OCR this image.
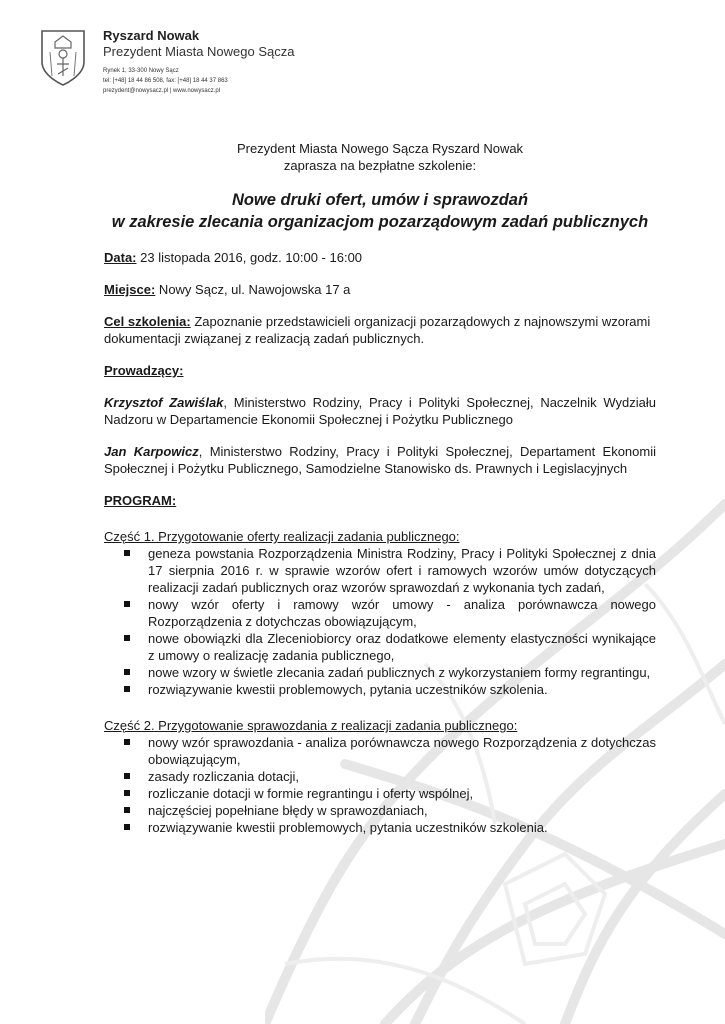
Ryszard Nowak
Prezydent Miasta Nowego Sącza
Rynek 1, 33-300 Nowy Sącz
tel: [+48] 18 44 86 508, fax: [+48] 18 44 37 863
prezydent@nowysacz.pl | www.nowysacz.pl
Prezydent Miasta Nowego Sącza Ryszard Nowak
zaprasza na bezpłatne szkolenie:
Nowe druki ofert, umów i sprawozdań
w zakresie zlecania organizacjom pozarządowym zadań publicznych
Data: 23 listopada 2016, godz. 10:00 - 16:00
Miejsce: Nowy Sącz, ul. Nawojowska 17 a
Cel szkolenia: Zapoznanie przedstawicieli organizacji pozarządowych z najnowszymi wzorami dokumentacji związanej z realizacją zadań publicznych.
Prowadzący:
Krzysztof Zawiślak, Ministerstwo Rodziny, Pracy i Polityki Społecznej, Naczelnik Wydziału Nadzoru w Departamencie Ekonomii Społecznej i Pożytku Publicznego
Jan Karpowicz, Ministerstwo Rodziny, Pracy i Polityki Społecznej, Departament Ekonomii Społecznej i Pożytku Publicznego, Samodzielne Stanowisko ds. Prawnych i Legislacyjnych
PROGRAM:
Część 1. Przygotowanie oferty realizacji zadania publicznego:
geneza powstania Rozporządzenia Ministra Rodziny, Pracy i Polityki Społecznej z dnia 17 sierpnia 2016 r. w sprawie wzorów ofert i ramowych wzorów umów dotyczących realizacji zadań publicznych oraz wzorów sprawozdań z wykonania tych zadań,
nowy wzór oferty i ramowy wzór umowy - analiza porównawcza nowego Rozporządzenia z dotychczas obowiązującym,
nowe obowiązki dla Zleceniobiorcy oraz dodatkowe elementy elastyczności wynikające z umowy o realizację zadania publicznego,
nowe wzory w świetle zlecania zadań publicznych z wykorzystaniem formy regrantingu,
rozwiązywanie kwestii problemowych, pytania uczestników szkolenia.
Część 2. Przygotowanie sprawozdania z realizacji zadania publicznego:
nowy wzór sprawozdania - analiza porównawcza nowego Rozporządzenia z dotychczas obowiązującym,
zasady rozliczania dotacji,
rozliczanie dotacji w formie regrantingu i oferty wspólnej,
najczęściej popełniane błędy w sprawozdaniach,
rozwiązywanie kwestii problemowych, pytania uczestników szkolenia.
